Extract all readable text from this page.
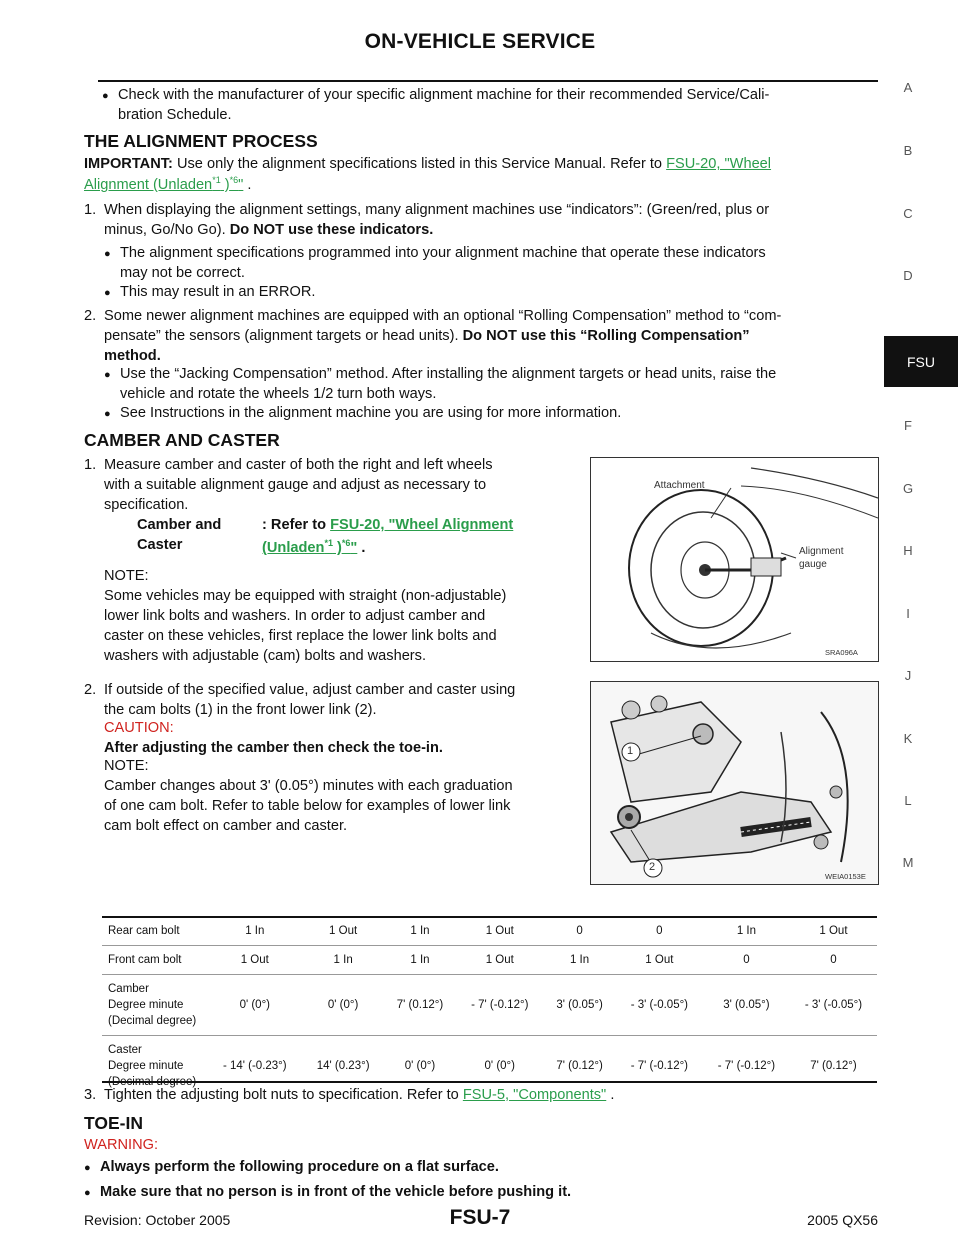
ON-VEHICLE SERVICE
A
B
C
D
FSU
F
G
H
I
J
K
L
M
● Check with the manufacturer of your specific alignment machine for their recommended Service/Cali-
bration Schedule.
THE ALIGNMENT PROCESS
IMPORTANT: Use only the alignment specifications listed in this Service Manual. Refer to FSU-20, "Wheel
Alignment (Unladen$^{*1}$ )$^{*6}$" .
1. When displaying the alignment settings, many alignment machines use “indicators”: (Green/red, plus or
minus, Go/No Go). Do NOT use these indicators.
● The alignment specifications programmed into your alignment machine that operate these indicators
may not be correct.
● This may result in an ERROR.
2. Some newer alignment machines are equipped with an optional “Rolling Compensation” method to “com-
pensate” the sensors (alignment targets or head units). Do NOT use this “Rolling Compensation”
method.
● Use the “Jacking Compensation” method. After installing the alignment targets or head units, raise the
vehicle and rotate the wheels 1/2 turn both ways.
● See Instructions in the alignment machine you are using for more information.
CAMBER AND CASTER
1. Measure camber and caster of both the right and left wheels
with a suitable alignment gauge and adjust as necessary to
specification.
Camber and
Caster
: Refer to FSU-20, "Wheel Alignment
(Unladen$^{*1}$ )$^{*6}$" .
NOTE:
Some vehicles may be equipped with straight (non-adjustable)
lower link bolts and washers. In order to adjust camber and
caster on these vehicles, first replace the lower link bolts and
washers with adjustable (cam) bolts and washers.
Attachment
Alignment
gauge
SRA096A
2. If outside of the specified value, adjust camber and caster using
the cam bolts (1) in the front lower link (2).
CAUTION:
After adjusting the camber then check the toe-in.
NOTE:
Camber changes about 3' (0.05°) minutes with each graduation
of one cam bolt. Refer to table below for examples of lower link
cam bolt effect on camber and caster.
1
2
WEIA0153E
Rear cam bolt	1 In	1 Out	1 In	1 Out	0	0	1 In	1 Out
Front cam bolt	1 Out	1 In	1 In	1 Out	1 In	1 Out	0	0

Camber
Degree minute
(Decimal degree)	0' (0°)	0' (0°)	7' (0.12°)	- 7' (-0.12°)	3' (0.05°)	- 3' (-0.05°)	3' (0.05°)	- 3' (-0.05°)

Caster
Degree minute	- 14' (-0.23°)	14' (0.23°)	0' (0°)	0' (0°)	7' (0.12°)	- 7' (-0.12°)	- 7' (-0.12°)	7' (0.12°)
3. Tighten the adjusting bolt nuts to specification. Refer to FSU-5, "Components" .
TOE-IN
WARNING:
● Always perform the following procedure on a flat surface.
● Make sure that no person is in front of the vehicle before pushing it.
Revision: October 2005	FSU-7	2005 QX56
